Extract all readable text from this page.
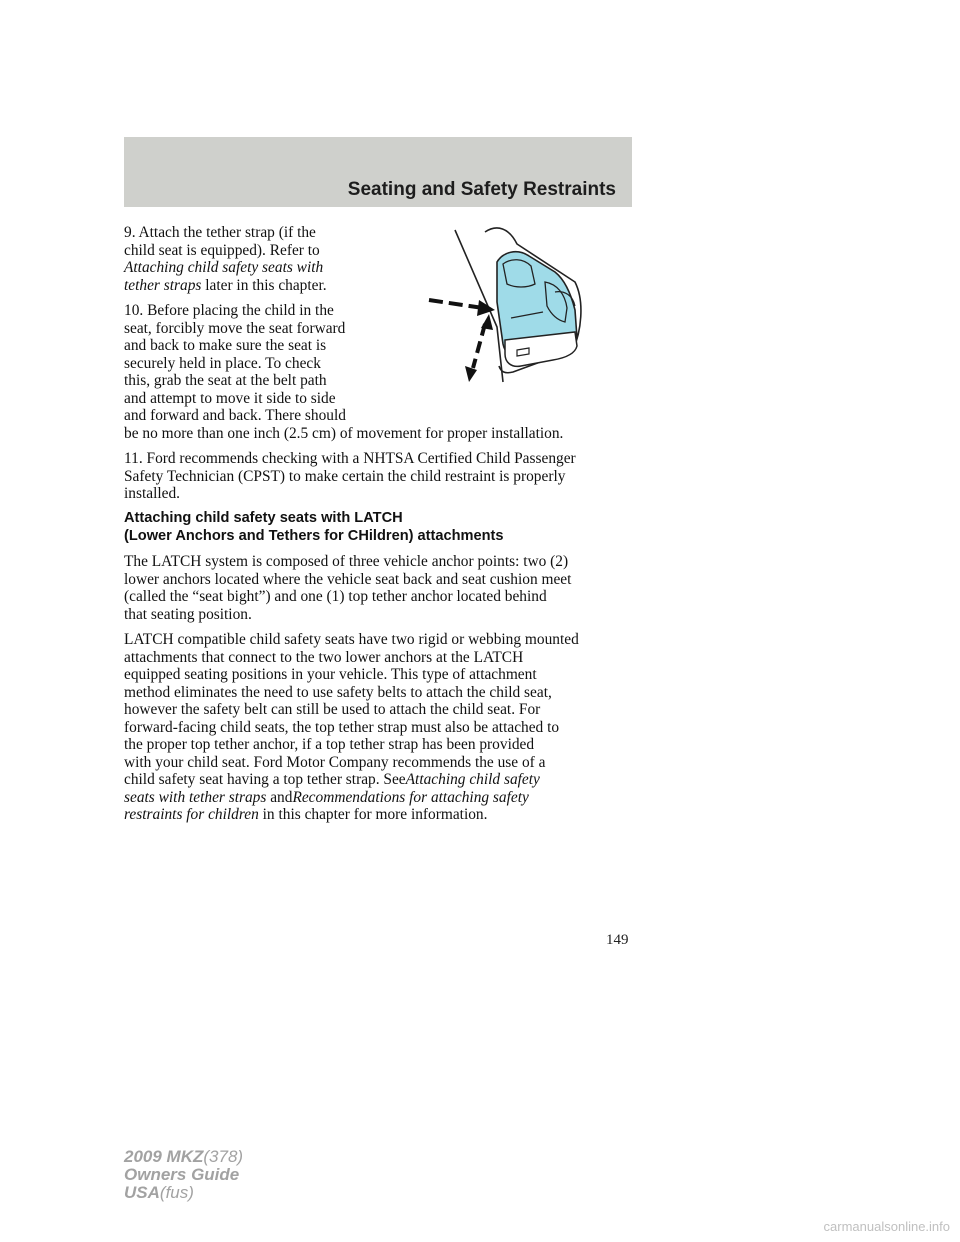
Seating and Safety Restraints

9. Attach the tether strap (if the

child seat is equipped). Refer to

Attaching child safety seats with

tether straps later in this chapter.

10. Before placing the child in the

seat, forcibly move the seat forward

and back to make sure the seat is

securely held in place. To check

this, grab the seat at the belt path

and attempt to move it side to side

and forward and back. There should

be no more than one inch (2.5 cm) of movement for proper installation.

11. Ford recommends checking with a NHTSA Certified Child Passenger

Safety Technician (CPST) to make certain the child restraint is properly

installed.

Attaching child safety seats with LATCH

(Lower Anchors and Tethers for CHildren) attachments

The LATCH system is composed of three vehicle anchor points: two (2)

lower anchors located where the vehicle seat back and seat cushion meet

(called the “seat bight”) and one (1) top tether anchor located behind

that seating position.

LATCH compatible child safety seats have two rigid or webbing mounted

attachments that connect to the two lower anchors at the LATCH

equipped seating positions in your vehicle. This type of attachment

method eliminates the need to use safety belts to attach the child seat,

however the safety belt can still be used to attach the child seat. For

forward-facing child seats, the top tether strap must also be attached to

the proper top tether anchor, if a top tether strap has been provided

with your child seat. Ford Motor Company recommends the use of a

child safety seat having a top tether strap. SeeAttaching child safety

seats with tether straps andRecommendations for attaching safety

restraints for children in this chapter for more information.

149
2009 MKZ(378)
Owners Guide
USA(fus)
carmanualsonline.info
